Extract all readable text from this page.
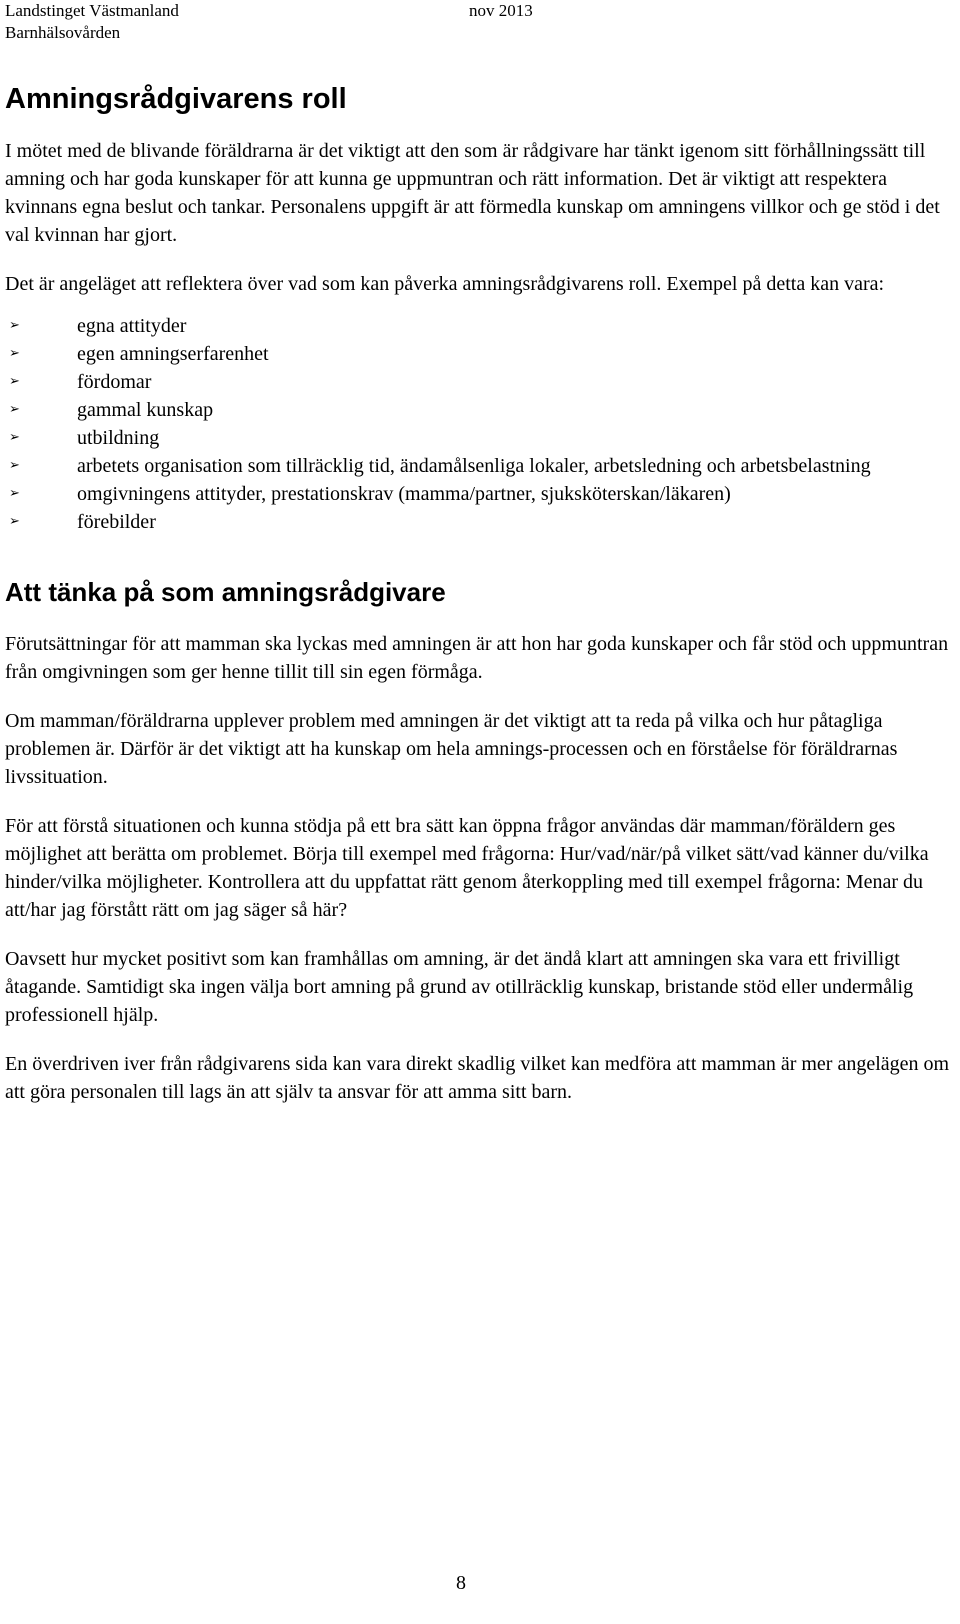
Landstinget Västmanland	nov 2013
Barnhälsovården
Amningsrådgivarens roll

I mötet med de blivande föräldrarna är det viktigt att den som är rådgivare har tänkt igenom sitt förhållningssätt till amning och har goda kunskaper för att kunna ge uppmuntran och rätt information. Det är viktigt att respektera kvinnans egna beslut och tankar. Personalens uppgift är att förmedla kunskap om amningens villkor och ge stöd i det val kvinnan har gjort.

Det är angeläget att reflektera över vad som kan påverka amningsrådgivarens roll. Exempel på detta kan vara:

➢	egna attityder
➢	egen amningserfarenhet
➢	fördomar
➢	gammal kunskap
➢	utbildning
➢	arbetets organisation som tillräcklig tid, ändamålsenliga lokaler, arbetsledning och arbetsbelastning
➢	omgivningens attityder, prestationskrav (mamma/partner, sjuksköterskan/läkaren)
➢	förebilder
Att tänka på som amningsrådgivare

Förutsättningar för att mamman ska lyckas med amningen är att hon har goda kunskaper och får stöd och uppmuntran från omgivningen som ger henne tillit till sin egen förmåga.

Om mamman/föräldrarna upplever problem med amningen är det viktigt att ta reda på vilka och hur påtagliga problemen är. Därför är det viktigt att ha kunskap om hela amnings-processen och en förståelse för föräldrarnas livssituation.

För att förstå situationen och kunna stödja på ett bra sätt kan öppna frågor användas där mamman/föräldern ges möjlighet att berätta om problemet. Börja till exempel med frågorna: Hur/vad/när/på vilket sätt/vad känner du/vilka hinder/vilka möjligheter. Kontrollera att du uppfattat rätt genom återkoppling med till exempel frågorna: Menar du att/har jag förstått rätt om jag säger så här?

Oavsett hur mycket positivt som kan framhållas om amning, är det ändå klart att amningen ska vara ett frivilligt åtagande. Samtidigt ska ingen välja bort amning på grund av otillräcklig kunskap, bristande stöd eller undermålig professionell hjälp.

En överdriven iver från rådgivarens sida kan vara direkt skadlig vilket kan medföra att mamman är mer angelägen om att göra personalen till lags än att själv ta ansvar för att amma sitt barn.

8
